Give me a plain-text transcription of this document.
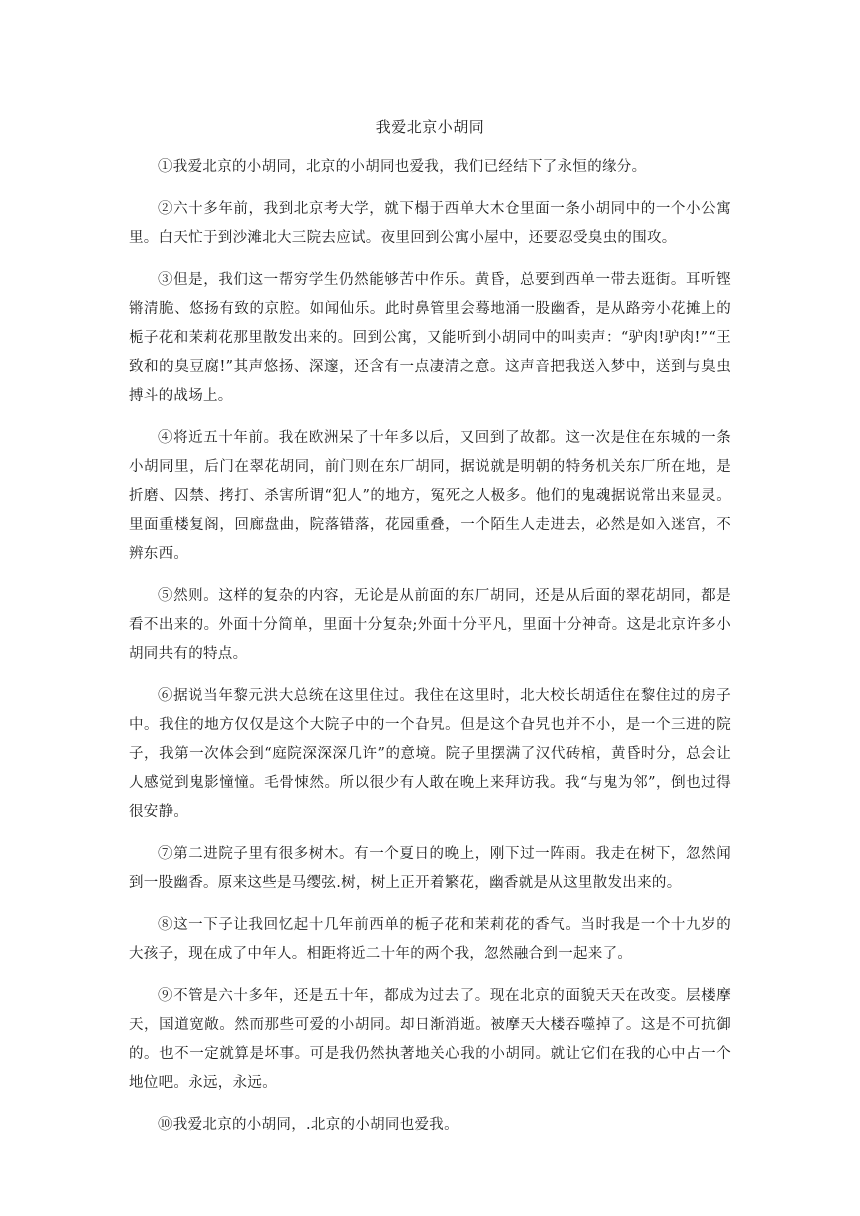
我爱北京小胡同

①我爱北京的小胡同，北京的小胡同也爱我，我们已经结下了永恒的缘分。

②六十多年前，我到北京考大学，就下榻于西单大木仓里面一条小胡同中的一个小公寓里。白天忙于到沙滩北大三院去应试。夜里回到公寓小屋中，还要忍受臭虫的围攻。

③但是，我们这一帮穷学生仍然能够苦中作乐。黄昏，总要到西单一带去逛街。耳听铿锵清脆、悠扬有致的京腔。如闻仙乐。此时鼻管里会蓦地涌一股幽香，是从路旁小花摊上的栀子花和茉莉花那里散发出来的。回到公寓，又能听到小胡同中的叫卖声：“驴肉!驴肉!”“王致和的臭豆腐!”其声悠扬、深邃，还含有一点凄清之意。这声音把我送入梦中，送到与臭虫搏斗的战场上。

④将近五十年前。我在欧洲呆了十年多以后，又回到了故都。这一次是住在东城的一条小胡同里，后门在翠花胡同，前门则在东厂胡同，据说就是明朝的特务机关东厂所在地，是折磨、囚禁、拷打、杀害所谓“犯人”的地方，冤死之人极多。他们的鬼魂据说常出来显灵。里面重楼复阁，回廊盘曲，院落错落，花园重叠，一个陌生人走进去，必然是如入迷宫，不辨东西。

⑤然则。这样的复杂的内容，无论是从前面的东厂胡同，还是从后面的翠花胡同，都是看不出来的。外面十分简单，里面十分复杂;外面十分平凡，里面十分神奇。这是北京许多小胡同共有的特点。

⑥据说当年黎元洪大总统在这里住过。我住在这里时，北大校长胡适住在黎住过的房子中。我住的地方仅仅是这个大院子中的一个旮旯。但是这个旮旯也并不小，是一个三进的院子，我第一次体会到“庭院深深深几许”的意境。院子里摆满了汉代砖棺，黄昏时分，总会让人感觉到鬼影憧憧。毛骨悚然。所以很少有人敢在晚上来拜访我。我“与鬼为邻”，倒也过得很安静。

⑦第二进院子里有很多树木。有一个夏日的晚上，刚下过一阵雨。我走在树下，忽然闻到一股幽香。原来这些是马缨弦.树，树上正开着繁花，幽香就是从这里散发出来的。

⑧这一下子让我回忆起十几年前西单的栀子花和茉莉花的香气。当时我是一个十九岁的大孩子，现在成了中年人。相距将近二十年的两个我，忽然融合到一起来了。

⑨不管是六十多年，还是五十年，都成为过去了。现在北京的面貌天天在改变。层楼摩天，国道宽敞。然而那些可爱的小胡同。却日渐消逝。被摩天大楼吞噬掉了。这是不可抗御的。也不一定就算是坏事。可是我仍然执著地关心我的小胡同。就让它们在我的心中占一个地位吧。永远，永远。

⑩我爱北京的小胡同，.北京的小胡同也爱我。
